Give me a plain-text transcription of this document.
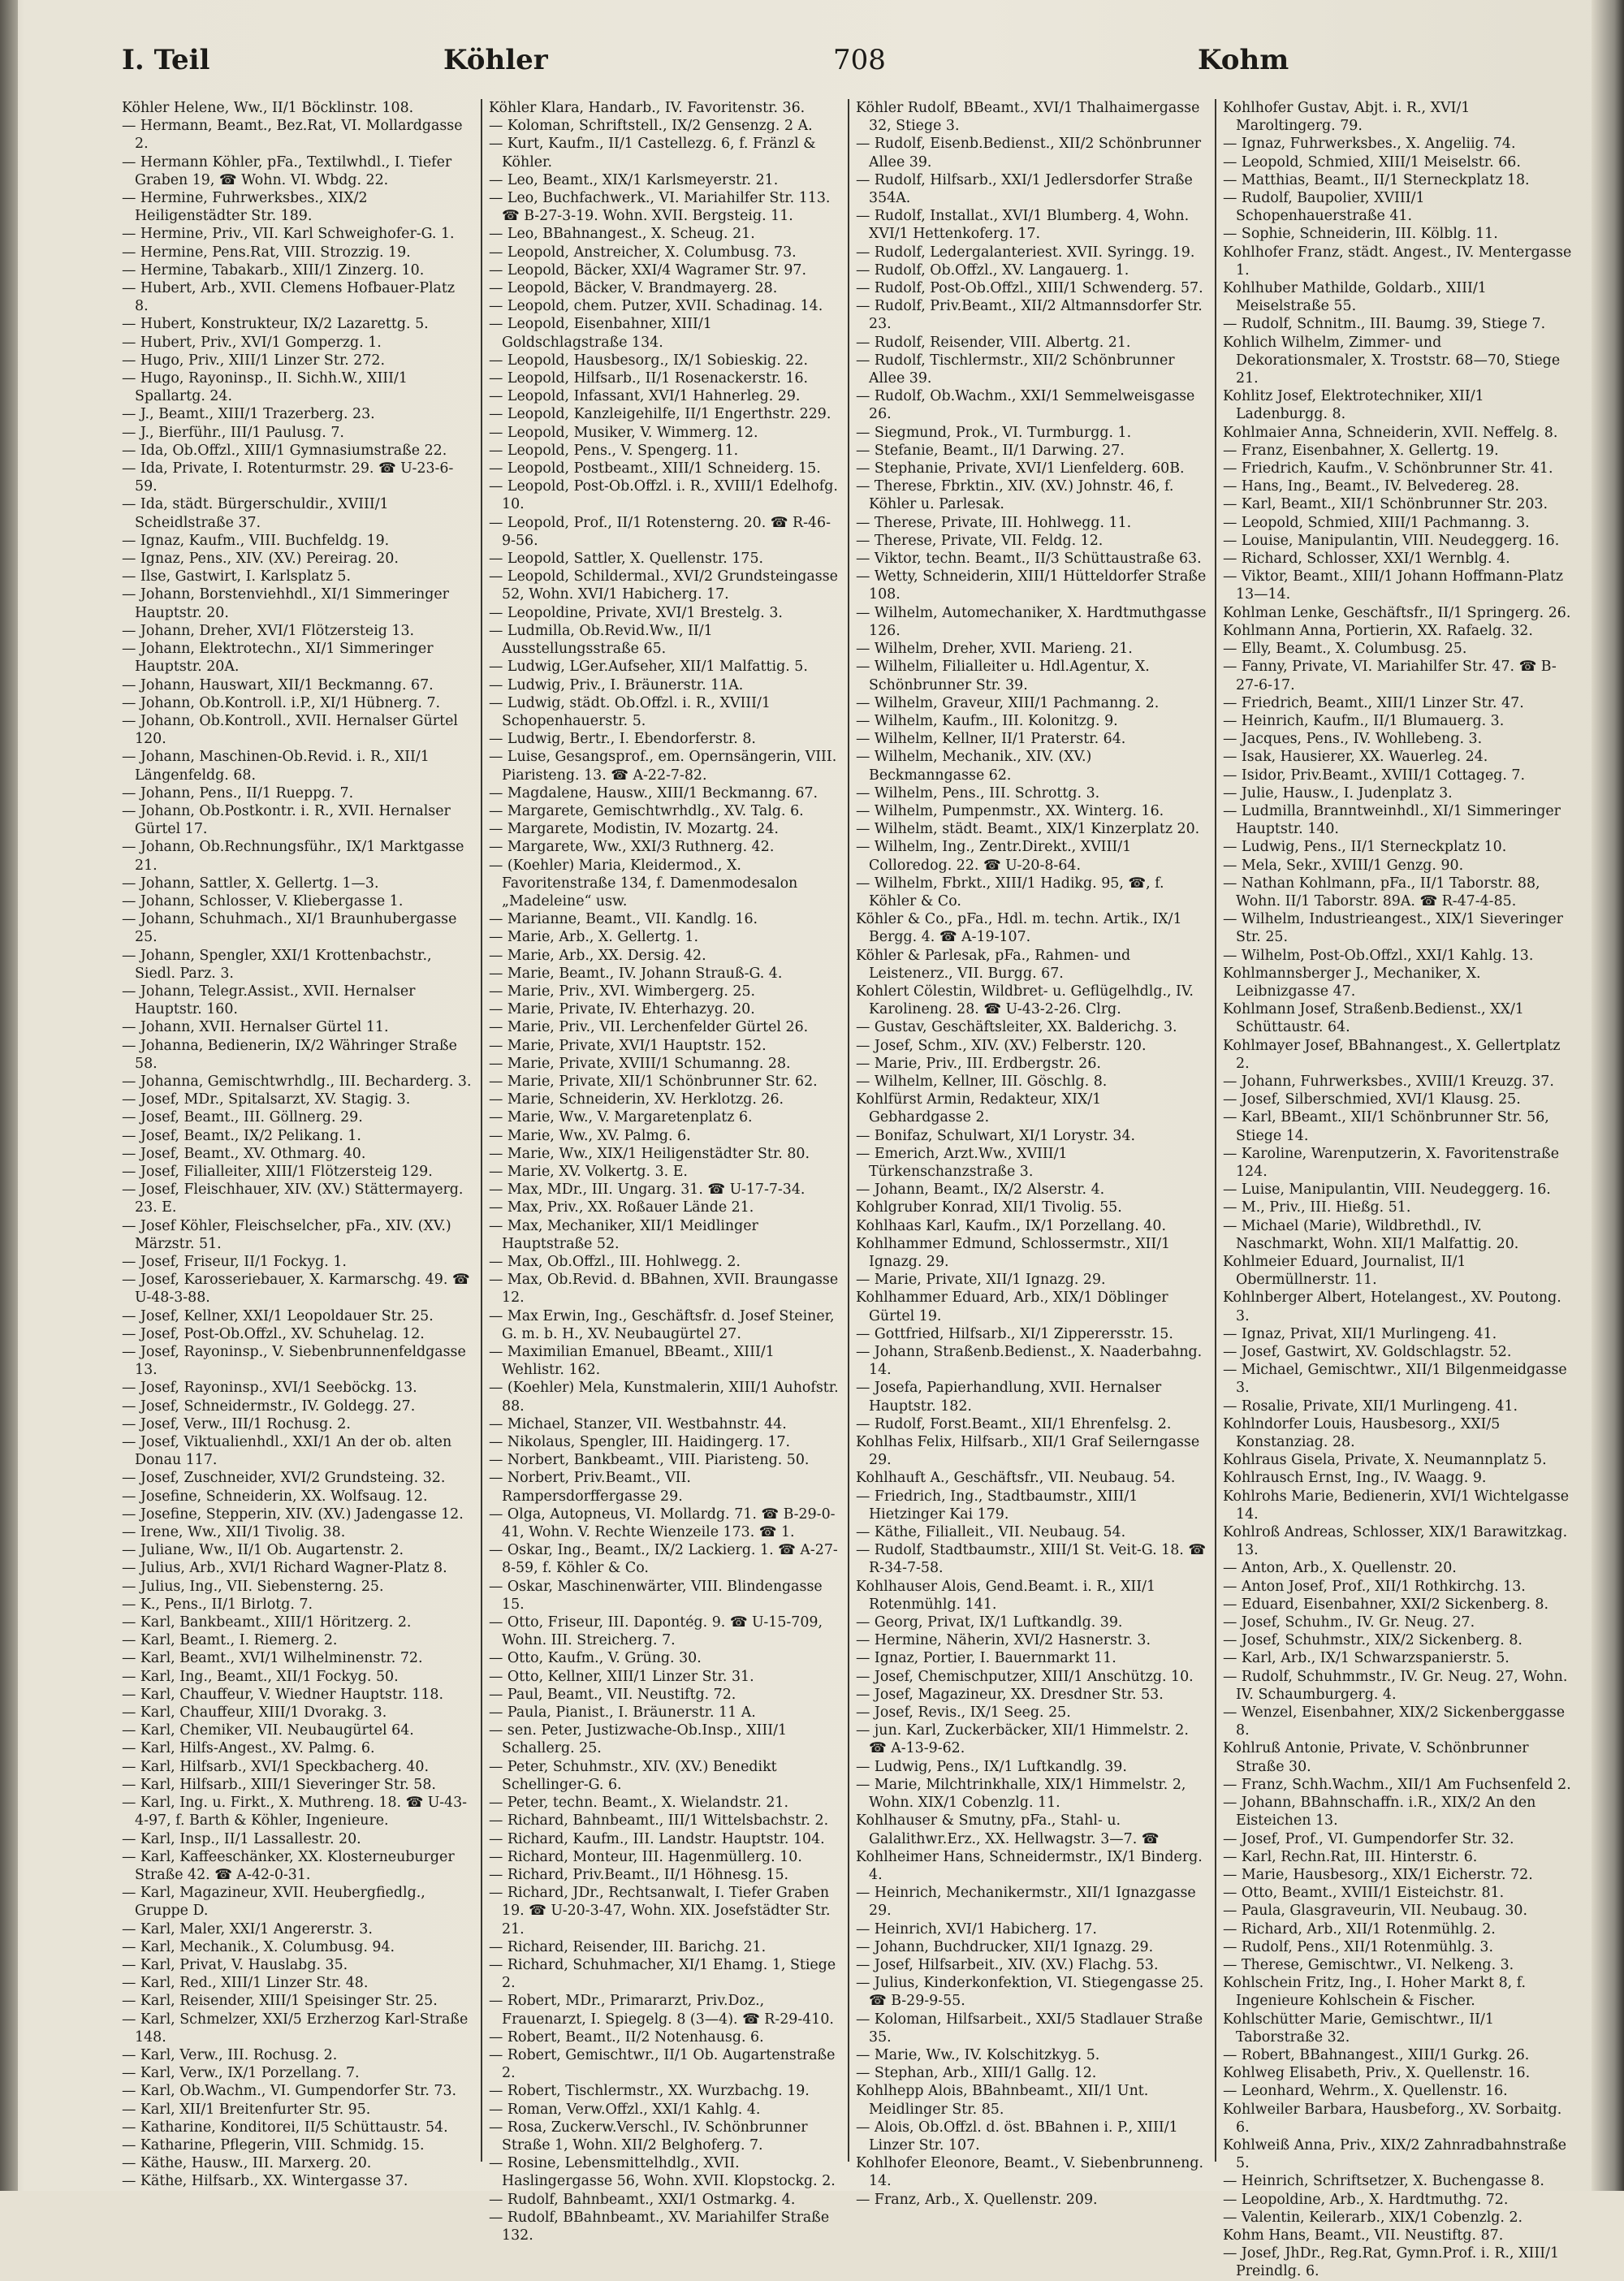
I. Teil	Köhler	708	Kohm

Köhler Helene, Ww., II/1 Böcklinstr. 108.

— Hermann, Beamt., Bez.Rat, VI. Mollardgasse 2.

— Hermann Köhler, pFa., Textilwhdl., I. Tiefer Graben 19, ☎ Wohn. VI. Wbdg. 22.

— Hermine, Fuhrwerksbes., XIX/2 Heiligenstädter Str. 189.

— Hermine, Priv., VII. Karl Schweighofer-G. 1.

— Hermine, Pens.Rat, VIII. Strozzig. 19.

— Hermine, Tabakarb., XIII/1 Zinzerg. 10.

— Hubert, Arb., XVII. Clemens Hofbauer-Platz 8.

— Hubert, Konstrukteur, IX/2 Lazarettg. 5.

— Hubert, Priv., XVI/1 Gomperzg. 1.

— Hugo, Priv., XIII/1 Linzer Str. 272.

— Hugo, Rayoninsp., II. Sichh.W., XIII/1 Spallartg. 24.

— J., Beamt., XIII/1 Trazerberg. 23.

— J., Bierführ., III/1 Paulusg. 7.

— Ida, Ob.Offzl., XIII/1 Gymnasiumstraße 22.

— Ida, Private, I. Rotenturmstr. 29. ☎ U-23-6-59.

— Ida, städt. Bürgerschuldir., XVIII/1 Scheidlstraße 37.

— Ignaz, Kaufm., VIII. Buchfeldg. 19.

— Ignaz, Pens., XIV. (XV.) Pereirag. 20.

— Ilse, Gastwirt, I. Karlsplatz 5.

— Johann, Borstenviehhdl., XI/1 Simmeringer Hauptstr. 20.

— Johann, Dreher, XVI/1 Flötzersteig 13.

— Johann, Elektrotechn., XI/1 Simmeringer Hauptstr. 20A.

— Johann, Hauswart, XII/1 Beckmanng. 67.

— Johann, Ob.Kontroll. i.P., XI/1 Hübnerg. 7.

— Johann, Ob.Kontroll., XVII. Hernalser Gürtel 120.

— Johann, Maschinen-Ob.Revid. i. R., XII/1 Längenfeldg. 68.

— Johann, Pens., II/1 Rueppg. 7.

— Johann, Ob.Postkontr. i. R., XVII. Hernalser Gürtel 17.

— Johann, Ob.Rechnungsführ., IX/1 Marktgasse 21.

— Johann, Sattler, X. Gellertg. 1—3.

— Johann, Schlosser, V. Kliebergasse 1.

— Johann, Schuhmach., XI/1 Braunhubergasse 25.

— Johann, Spengler, XXI/1 Krottenbachstr., Siedl. Parz. 3.

— Johann, Telegr.Assist., XVII. Hernalser Hauptstr. 160.

— Johann, XVII. Hernalser Gürtel 11.

— Johanna, Bedienerin, IX/2 Währinger Straße 58.

— Johanna, Gemischtwrhdlg., III. Becharderg. 3.

— Josef, MDr., Spitalsarzt, XV. Stagig. 3.

— Josef, Beamt., III. Göllnerg. 29.

— Josef, Beamt., IX/2 Pelikang. 1.

— Josef, Beamt., XV. Othmarg. 40.

— Josef, Filialleiter, XIII/1 Flötzersteig 129.

— Josef, Fleischhauer, XIV. (XV.) Stättermayerg. 23. E.

— Josef Köhler, Fleischselcher, pFa., XIV. (XV.) Märzstr. 51.

— Josef, Friseur, II/1 Fockyg. 1.

— Josef, Karosseriebauer, X. Karmarschg. 49. ☎ U-48-3-88.

— Josef, Kellner, XXI/1 Leopoldauer Str. 25.

— Josef, Post-Ob.Offzl., XV. Schuhelag. 12.

— Josef, Rayoninsp., V. Siebenbrunnenfeldgasse 13.

— Josef, Rayoninsp., XVI/1 Seeböckg. 13.

— Josef, Schneidermstr., IV. Goldegg. 27.

— Josef, Verw., III/1 Rochusg. 2.

— Josef, Viktualienhdl., XXI/1 An der ob. alten Donau 117.

— Josef, Zuschneider, XVI/2 Grundsteing. 32.

— Josefine, Schneiderin, XX. Wolfsaug. 12.

— Josefine, Stepperin, XIV. (XV.) Jadengasse 12.

— Irene, Ww., XII/1 Tivolig. 38.

— Juliane, Ww., II/1 Ob. Augartenstr. 2.

— Julius, Arb., XVI/1 Richard Wagner-Platz 8.

— Julius, Ing., VII. Siebensterng. 25.

— K., Pens., II/1 Birlotg. 7.

— Karl, Bankbeamt., XIII/1 Höritzerg. 2.

— Karl, Beamt., I. Riemerg. 2.

— Karl, Beamt., XVI/1 Wilhelminenstr. 72.

— Karl, Ing., Beamt., XII/1 Fockyg. 50.

— Karl, Chauffeur, V. Wiedner Hauptstr. 118.

— Karl, Chauffeur, XIII/1 Dvorakg. 3.

— Karl, Chemiker, VII. Neubaugürtel 64.

— Karl, Hilfs-Angest., XV. Palmg. 6.

— Karl, Hilfsarb., XVI/1 Speckbacherg. 40.

— Karl, Hilfsarb., XIII/1 Sieveringer Str. 58.

— Karl, Ing. u. Firkt., X. Muthreng. 18. ☎ U-43-4-97, f. Barth & Köhler, Ingenieure.

— Karl, Insp., II/1 Lassallestr. 20.

— Karl, Kaffeeschänker, XX. Klosterneuburger Straße 42. ☎ A-42-0-31.

— Karl, Magazineur, XVII. Heubergfiedlg., Gruppe D.

— Karl, Maler, XXI/1 Angererstr. 3.

— Karl, Mechanik., X. Columbusg. 94.

— Karl, Privat, V. Hauslabg. 35.

— Karl, Red., XIII/1 Linzer Str. 48.

— Karl, Reisender, XIII/1 Speisinger Str. 25.

— Karl, Schmelzer, XXI/5 Erzherzog Karl-Straße 148.

— Karl, Verw., III. Rochusg. 2.

— Karl, Verw., IX/1 Porzellang. 7.

— Karl, Ob.Wachm., VI. Gumpendorfer Str. 73.

— Karl, XII/1 Breitenfurter Str. 95.

— Katharine, Konditorei, II/5 Schüttaustr. 54.

— Katharine, Pflegerin, VIII. Schmidg. 15.

— Käthe, Hausw., III. Marxerg. 20.

— Käthe, Hilfsarb., XX. Wintergasse 37.

Köhler Klara, Handarb., IV. Favoritenstr. 36.

— Koloman, Schriftstell., IX/2 Gensenzg. 2 A.

— Kurt, Kaufm., II/1 Castellezg. 6, f. Fränzl & Köhler.

— Leo, Beamt., XIX/1 Karlsmeyerstr. 21.

— Leo, Buchfachwerk., VI. Mariahilfer Str. 113. ☎ B-27-3-19. Wohn. XVII. Bergsteig. 11.

— Leo, BBahnangest., X. Scheug. 21.

— Leopold, Anstreicher, X. Columbusg. 73.

— Leopold, Bäcker, XXI/4 Wagramer Str. 97.

— Leopold, Bäcker, V. Brandmayerg. 28.

— Leopold, chem. Putzer, XVII. Schadinag. 14.

— Leopold, Eisenbahner, XIII/1 Goldschlagstraße 134.

— Leopold, Hausbesorg., IX/1 Sobieskig. 22.

— Leopold, Hilfsarb., II/1 Rosenackerstr. 16.

— Leopold, Infassant, XVI/1 Hahnerleg. 29.

— Leopold, Kanzleigehilfe, II/1 Engerthstr. 229.

— Leopold, Musiker, V. Wimmerg. 12.

— Leopold, Pens., V. Spengerg. 11.

— Leopold, Postbeamt., XIII/1 Schneiderg. 15.

— Leopold, Post-Ob.Offzl. i. R., XVIII/1 Edelhofg. 10.

— Leopold, Prof., II/1 Rotensterng. 20. ☎ R-46-9-56.

— Leopold, Sattler, X. Quellenstr. 175.

— Leopold, Schildermal., XVI/2 Grundsteingasse 52, Wohn. XVI/1 Habicherg. 17.

— Leopoldine, Private, XVI/1 Brestelg. 3.

— Ludmilla, Ob.Revid.Ww., II/1 Ausstellungsstraße 65.

— Ludwig, LGer.Aufseher, XII/1 Malfattig. 5.

— Ludwig, Priv., I. Bräunerstr. 11A.

— Ludwig, städt. Ob.Offzl. i. R., XVIII/1 Schopenhauerstr. 5.

— Ludwig, Bertr., I. Ebendorferstr. 8.

— Luise, Gesangsprof., em. Opernsängerin, VIII. Piaristeng. 13. ☎ A-22-7-82.

— Magdalene, Hausw., XIII/1 Beckmanng. 67.

— Margarete, Gemischtwrhdlg., XV. Talg. 6.

— Margarete, Modistin, IV. Mozartg. 24.

— Margarete, Ww., XXI/3 Ruthnerg. 42.

— (Koehler) Maria, Kleidermod., X. Favoritenstraße 134, f. Damenmodesalon „Madeleine“ usw.

— Marianne, Beamt., VII. Kandlg. 16.

— Marie, Arb., X. Gellertg. 1.

— Marie, Arb., XX. Dersig. 42.

— Marie, Beamt., IV. Johann Strauß-G. 4.

— Marie, Priv., XVI. Wimbergerg. 25.

— Marie, Private, IV. Ehterhazyg. 20.

— Marie, Priv., VII. Lerchenfelder Gürtel 26.

— Marie, Private, XVI/1 Hauptstr. 152.

— Marie, Private, XVIII/1 Schumanng. 28.

— Marie, Private, XII/1 Schönbrunner Str. 62.

— Marie, Schneiderin, XV. Herklotzg. 26.

— Marie, Ww., V. Margaretenplatz 6.

— Marie, Ww., XV. Palmg. 6.

— Marie, Ww., XIX/1 Heiligenstädter Str. 80.

— Marie, XV. Volkertg. 3. E.

— Max, MDr., III. Ungarg. 31. ☎ U-17-7-34.

— Max, Priv., XX. Roßauer Lände 21.

— Max, Mechaniker, XII/1 Meidlinger Hauptstraße 52.

— Max, Ob.Offzl., III. Hohlwegg. 2.

— Max, Ob.Revid. d. BBahnen, XVII. Braungasse 12.

— Max Erwin, Ing., Geschäftsfr. d. Josef Steiner, G. m. b. H., XV. Neubaugürtel 27.

— Maximilian Emanuel, BBeamt., XIII/1 Wehlistr. 162.

— (Koehler) Mela, Kunstmalerin, XIII/1 Auhofstr. 88.

— Michael, Stanzer, VII. Westbahnstr. 44.

— Nikolaus, Spengler, III. Haidingerg. 17.

— Norbert, Bankbeamt., VIII. Piaristeng. 50.

— Norbert, Priv.Beamt., VII. Rampersdorffergasse 29.

— Olga, Autopneus, VI. Mollardg. 71. ☎ B-29-0-41, Wohn. V. Rechte Wienzeile 173. ☎ 1.

— Oskar, Ing., Beamt., IX/2 Lackierg. 1. ☎ A-27-8-59, f. Köhler & Co.

— Oskar, Maschinenwärter, VIII. Blindengasse 15.

— Otto, Friseur, III. Dapontég. 9. ☎ U-15-709, Wohn. III. Streicherg. 7.

— Otto, Kaufm., V. Grüng. 30.

— Otto, Kellner, XIII/1 Linzer Str. 31.

— Paul, Beamt., VII. Neustiftg. 72.

— Paula, Pianist., I. Bräunerstr. 11 A.

— sen. Peter, Justizwache-Ob.Insp., XIII/1 Schallerg. 25.

— Peter, Schuhmstr., XIV. (XV.) Benedikt Schellinger-G. 6.

— Peter, techn. Beamt., X. Wielandstr. 21.

— Richard, Bahnbeamt., III/1 Wittelsbachstr. 2.

— Richard, Kaufm., III. Landstr. Hauptstr. 104.

— Richard, Monteur, III. Hagenmüllerg. 10.

— Richard, Priv.Beamt., II/1 Höhnesg. 15.

— Richard, JDr., Rechtsanwalt, I. Tiefer Graben 19. ☎ U-20-3-47, Wohn. XIX. Josefstädter Str. 21.

— Richard, Reisender, III. Barichg. 21.

— Richard, Schuhmacher, XI/1 Ehamg. 1, Stiege 2.

— Robert, MDr., Primararzt, Priv.Doz., Frauenarzt, I. Spiegelg. 8 (3—4). ☎ R-29-410.

— Robert, Beamt., II/2 Notenhausg. 6.

— Robert, Gemischtwr., II/1 Ob. Augartenstraße 2.

— Robert, Tischlermstr., XX. Wurzbachg. 19.

— Roman, Verw.Offzl., XXI/1 Kahlg. 4.

— Rosa, Zuckerw.Verschl., IV. Schönbrunner Straße 1, Wohn. XII/2 Belghoferg. 7.

— Rosine, Lebensmittelhdlg., XVII. Haslingergasse 56, Wohn. XVII. Klopstockg. 2.

— Rudolf, Bahnbeamt., XXI/1 Ostmarkg. 4.

— Rudolf, BBahnbeamt., XV. Mariahilfer Straße 132.

Köhler Rudolf, BBeamt., XVI/1 Thalhaimergasse 32, Stiege 3.

— Rudolf, Eisenb.Bedienst., XII/2 Schönbrunner Allee 39.

— Rudolf, Hilfsarb., XXI/1 Jedlersdorfer Straße 354A.

— Rudolf, Installat., XVI/1 Blumberg. 4, Wohn. XVI/1 Hettenkoferg. 17.

— Rudolf, Ledergalanteriest. XVII. Syringg. 19.

— Rudolf, Ob.Offzl., XV. Langauerg. 1.

— Rudolf, Post-Ob.Offzl., XIII/1 Schwenderg. 57.

— Rudolf, Priv.Beamt., XII/2 Altmannsdorfer Str. 23.

— Rudolf, Reisender, VIII. Albertg. 21.

— Rudolf, Tischlermstr., XII/2 Schönbrunner Allee 39.

— Rudolf, Ob.Wachm., XXI/1 Semmelweisgasse 26.

— Siegmund, Prok., VI. Turmburgg. 1.

— Stefanie, Beamt., II/1 Darwing. 27.

— Stephanie, Private, XVI/1 Lienfelderg. 60B.

— Therese, Fbrktin., XIV. (XV.) Johnstr. 46, f. Köhler u. Parlesak.

— Therese, Private, III. Hohlwegg. 11.

— Therese, Private, VII. Feldg. 12.

— Viktor, techn. Beamt., II/3 Schüttaustraße 63.

— Wetty, Schneiderin, XIII/1 Hütteldorfer Straße 108.

— Wilhelm, Automechaniker, X. Hardtmuthgasse 126.

— Wilhelm, Dreher, XVII. Marieng. 21.

— Wilhelm, Filialleiter u. Hdl.Agentur, X. Schönbrunner Str. 39.

— Wilhelm, Graveur, XIII/1 Pachmanng. 2.

— Wilhelm, Kaufm., III. Kolonitzg. 9.

— Wilhelm, Kellner, II/1 Praterstr. 64.

— Wilhelm, Mechanik., XIV. (XV.) Beckmanngasse 62.

— Wilhelm, Pens., III. Schrottg. 3.

— Wilhelm, Pumpenmstr., XX. Winterg. 16.

— Wilhelm, städt. Beamt., XIX/1 Kinzerplatz 20.

— Wilhelm, Ing., Zentr.Direkt., XVIII/1 Colloredog. 22. ☎ U-20-8-64.

— Wilhelm, Fbrkt., XIII/1 Hadikg. 95, ☎, f. Köhler & Co.

Köhler & Co., pFa., Hdl. m. techn. Artik., IX/1 Bergg. 4. ☎ A-19-107.

Köhler & Parlesak, pFa., Rahmen- und Leistenerz., VII. Burgg. 67.

Kohlert Cölestin, Wildbret- u. Geflügelhdlg., IV. Karolineng. 28. ☎ U-43-2-26. Clrg.

— Gustav, Geschäftsleiter, XX. Balderichg. 3.

— Josef, Schm., XIV. (XV.) Felberstr. 120.

— Marie, Priv., III. Erdbergstr. 26.

— Wilhelm, Kellner, III. Göschlg. 8.

Kohlfürst Armin, Redakteur, XIX/1 Gebhardgasse 2.

— Bonifaz, Schulwart, XI/1 Lorystr. 34.

— Emerich, Arzt.Ww., XVIII/1 Türkenschanzstraße 3.

— Johann, Beamt., IX/2 Alserstr. 4.

Kohlgruber Konrad, XII/1 Tivolig. 55.

Kohlhaas Karl, Kaufm., IX/1 Porzellang. 40.

Kohlhammer Edmund, Schlossermstr., XII/1 Ignazg. 29.

— Marie, Private, XII/1 Ignazg. 29.

Kohlhammer Eduard, Arb., XIX/1 Döblinger Gürtel 19.

— Gottfried, Hilfsarb., XI/1 Zipperersstr. 15.

— Johann, Straßenb.Bedienst., X. Naaderbahng. 14.

— Josefa, Papierhandlung, XVII. Hernalser Hauptstr. 182.

— Rudolf, Forst.Beamt., XII/1 Ehrenfelsg. 2.

Kohlhas Felix, Hilfsarb., XII/1 Graf Seilerngasse 29.

Kohlhauft A., Geschäftsfr., VII. Neubaug. 54.

— Friedrich, Ing., Stadtbaumstr., XIII/1 Hietzinger Kai 179.

— Käthe, Filialleit., VII. Neubaug. 54.

— Rudolf, Stadtbaumstr., XIII/1 St. Veit-G. 18. ☎ R-34-7-58.

Kohlhauser Alois, Gend.Beamt. i. R., XII/1 Rotenmühlg. 141.

— Georg, Privat, IX/1 Luftkandlg. 39.

— Hermine, Näherin, XVI/2 Hasnerstr. 3.

— Ignaz, Portier, I. Bauernmarkt 11.

— Josef, Chemischputzer, XIII/1 Anschützg. 10.

— Josef, Magazineur, XX. Dresdner Str. 53.

— Josef, Revis., IX/1 Seeg. 25.

— jun. Karl, Zuckerbäcker, XII/1 Himmelstr. 2. ☎ A-13-9-62.

— Ludwig, Pens., IX/1 Luftkandlg. 39.

— Marie, Milchtrinkhalle, XIX/1 Himmelstr. 2, Wohn. XIX/1 Cobenzlg. 11.

Kohlhauser & Smutny, pFa., Stahl- u. Galalithwr.Erz., XX. Hellwagstr. 3—7. ☎

Kohlheimer Hans, Schneidermstr., IX/1 Binderg. 4.

— Heinrich, Mechanikermstr., XII/1 Ignazgasse 29.

— Heinrich, XVI/1 Habicherg. 17.

— Johann, Buchdrucker, XII/1 Ignazg. 29.

— Josef, Hilfsarbeit., XIV. (XV.) Flachg. 53.

— Julius, Kinderkonfektion, VI. Stiegengasse 25. ☎ B-29-9-55.

— Koloman, Hilfsarbeit., XXI/5 Stadlauer Straße 35.

— Marie, Ww., IV. Kolschitzkyg. 5.

— Stephan, Arb., XIII/1 Gallg. 12.

Kohlhepp Alois, BBahnbeamt., XII/1 Unt. Meidlinger Str. 85.

— Alois, Ob.Offzl. d. öst. BBahnen i. P., XIII/1 Linzer Str. 107.

Kohlhofer Eleonore, Beamt., V. Siebenbrunneng. 14.

— Franz, Arb., X. Quellenstr. 209.

Kohlhofer Gustav, Abjt. i. R., XVI/1 Maroltingerg. 79.

— Ignaz, Fuhrwerksbes., X. Angeliig. 74.

— Leopold, Schmied, XIII/1 Meiselstr. 66.

— Matthias, Beamt., II/1 Sterneckplatz 18.

— Rudolf, Baupolier, XVIII/1 Schopenhauerstraße 41.

— Sophie, Schneiderin, III. Kölblg. 11.

Kohlhofer Franz, städt. Angest., IV. Mentergasse 1.

Kohlhuber Mathilde, Goldarb., XIII/1 Meiselstraße 55.

— Rudolf, Schnitm., III. Baumg. 39, Stiege 7.

Kohlich Wilhelm, Zimmer- und Dekorationsmaler, X. Troststr. 68—70, Stiege 21.

Kohlitz Josef, Elektrotechniker, XII/1 Ladenburgg. 8.

Kohlmaier Anna, Schneiderin, XVII. Neffelg. 8.

— Franz, Eisenbahner, X. Gellertg. 19.

— Friedrich, Kaufm., V. Schönbrunner Str. 41.

— Hans, Ing., Beamt., IV. Belvedereg. 28.

— Karl, Beamt., XII/1 Schönbrunner Str. 203.

— Leopold, Schmied, XIII/1 Pachmanng. 3.

— Louise, Manipulantin, VIII. Neudeggerg. 16.

— Richard, Schlosser, XXI/1 Wernblg. 4.

— Viktor, Beamt., XIII/1 Johann Hoffmann-Platz 13—14.

Kohlman Lenke, Geschäftsfr., II/1 Springerg. 26.

Kohlmann Anna, Portierin, XX. Rafaelg. 32.

— Elly, Beamt., X. Columbusg. 25.

— Fanny, Private, VI. Mariahilfer Str. 47. ☎ B-27-6-17.

— Friedrich, Beamt., XIII/1 Linzer Str. 47.

— Heinrich, Kaufm., II/1 Blumauerg. 3.

— Jacques, Pens., IV. Wohllebeng. 3.

— Isak, Hausierer, XX. Wauerleg. 24.

— Isidor, Priv.Beamt., XVIII/1 Cottageg. 7.

— Julie, Hausw., I. Judenplatz 3.

— Ludmilla, Branntweinhdl., XI/1 Simmeringer Hauptstr. 140.

— Ludwig, Pens., II/1 Sterneckplatz 10.

— Mela, Sekr., XVIII/1 Genzg. 90.

— Nathan Kohlmann, pFa., II/1 Taborstr. 88, Wohn. II/1 Taborstr. 89A. ☎ R-47-4-85.

— Wilhelm, Industrieangest., XIX/1 Sieveringer Str. 25.

— Wilhelm, Post-Ob.Offzl., XXI/1 Kahlg. 13.

Kohlmannsberger J., Mechaniker, X. Leibnizgasse 47.

Kohlmann Josef, Straßenb.Bedienst., XX/1 Schüttaustr. 64.

Kohlmayer Josef, BBahnangest., X. Gellertplatz 2.

— Johann, Fuhrwerksbes., XVIII/1 Kreuzg. 37.

— Josef, Silberschmied, XVI/1 Klausg. 25.

— Karl, BBeamt., XII/1 Schönbrunner Str. 56, Stiege 14.

— Karoline, Warenputzerin, X. Favoritenstraße 124.

— Luise, Manipulantin, VIII. Neudeggerg. 16.

— M., Priv., III. Hießg. 51.

— Michael (Marie), Wildbrethdl., IV. Naschmarkt, Wohn. XII/1 Malfattig. 20.

Kohlmeier Eduard, Journalist, II/1 Obermüllnerstr. 11.

Kohlnberger Albert, Hotelangest., XV. Poutong. 3.

— Ignaz, Privat, XII/1 Murlingeng. 41.

— Josef, Gastwirt, XV. Goldschlagstr. 52.

— Michael, Gemischtwr., XII/1 Bilgenmeidgasse 3.

— Rosalie, Private, XII/1 Murlingeng. 41.

Kohlndorfer Louis, Hausbesorg., XXI/5 Konstanziag. 28.

Kohlraus Gisela, Private, X. Neumannplatz 5.

Kohlrausch Ernst, Ing., IV. Waagg. 9.

Kohlrohs Marie, Bedienerin, XVI/1 Wichtelgasse 14.

Kohlroß Andreas, Schlosser, XIX/1 Barawitzkag. 13.

— Anton, Arb., X. Quellenstr. 20.

— Anton Josef, Prof., XII/1 Rothkirchg. 13.

— Eduard, Eisenbahner, XXI/2 Sickenberg. 8.

— Josef, Schuhm., IV. Gr. Neug. 27.

— Josef, Schuhmstr., XIX/2 Sickenberg. 8.

— Karl, Arb., IX/1 Schwarzspanierstr. 5.

— Rudolf, Schuhmmstr., IV. Gr. Neug. 27, Wohn. IV. Schaumburgerg. 4.

— Wenzel, Eisenbahner, XIX/2 Sickenberggasse 8.

Kohlruß Antonie, Private, V. Schönbrunner Straße 30.

— Franz, Schh.Wachm., XII/1 Am Fuchsenfeld 2.

— Johann, BBahnschaffn. i.R., XIX/2 An den Eisteichen 13.

— Josef, Prof., VI. Gumpendorfer Str. 32.

— Karl, Rechn.Rat, III. Hinterstr. 6.

— Marie, Hausbesorg., XIX/1 Eicherstr. 72.

— Otto, Beamt., XVIII/1 Eisteichstr. 81.

— Paula, Glasgraveurin, VII. Neubaug. 30.

— Richard, Arb., XII/1 Rotenmühlg. 2.

— Rudolf, Pens., XII/1 Rotenmühlg. 3.

— Therese, Gemischtwr., VI. Nelkeng. 3.

Kohlschein Fritz, Ing., I. Hoher Markt 8, f. Ingenieure Kohlschein & Fischer.

Kohlschütter Marie, Gemischtwr., II/1 Taborstraße 32.

— Robert, BBahnangest., XIII/1 Gurkg. 26.

Kohlweg Elisabeth, Priv., X. Quellenstr. 16.

— Leonhard, Wehrm., X. Quellenstr. 16.

Kohlweiler Barbara, Hausbeforg., XV. Sorbaitg. 6.

Kohlweiß Anna, Priv., XIX/2 Zahnradbahnstraße 5.

— Heinrich, Schriftsetzer, X. Buchengasse 8.

— Leopoldine, Arb., X. Hardtmuthg. 72.

— Valentin, Keilerarb., XIX/1 Cobenzlg. 2.

Kohm Hans, Beamt., VII. Neustiftg. 87.

— Josef, JhDr., Reg.Rat, Gymn.Prof. i. R., XIII/1 Preindlg. 6.
